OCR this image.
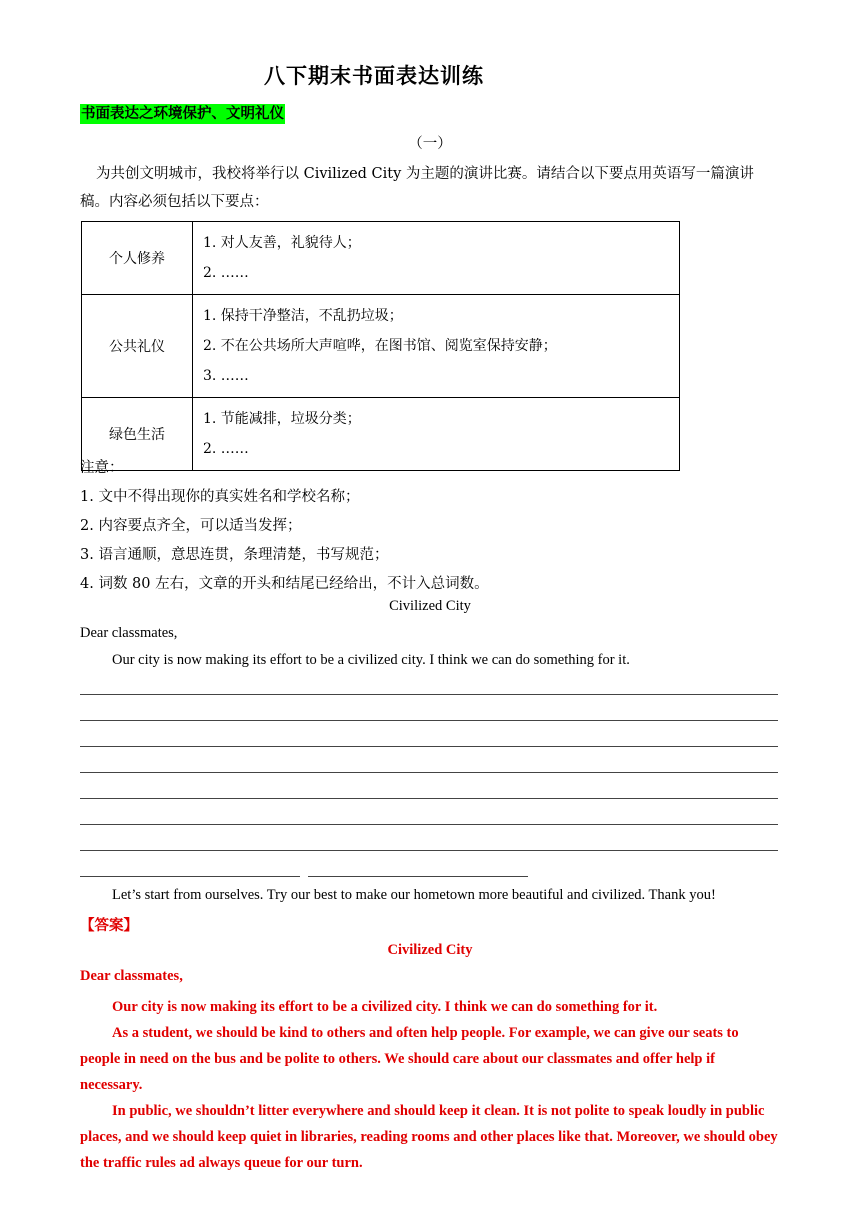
八下期末书面表达训练
书面表达之环境保护、文明礼仪
（一）
为共创文明城市，我校将举行以 Civilized City 为主题的演讲比赛。请结合以下要点用英语写一篇演讲稿。内容必须包括以下要点：
个人修养	1. 对人友善，礼貌待人；
2. ……

公共礼仪	1. 保持干净整洁，不乱扔垃圾；
2. 不在公共场所大声喧哗，在图书馆、阅览室保持安静；
3. ……

绿色生活	1. 节能减排，垃圾分类；
2. ……
注意：
1. 文中不得出现你的真实姓名和学校名称；
2. 内容要点齐全，可以适当发挥；
3. 语言通顺，意思连贯，条理清楚，书写规范；
4. 词数 80 左右，文章的开头和结尾已经给出，不计入总词数。
Civilized City
Dear classmates,
Our city is now making its effort to be a civilized city. I think we can do something for it.
Let’s start from ourselves. Try our best to make our hometown more beautiful and civilized. Thank you!
【答案】
Civilized City
Dear classmates,

Our city is now making its effort to be a civilized city. I think we can do something for it.

As a student, we should be kind to others and often help people. For example, we can give our seats to people in need on the bus and be polite to others. We should care about our classmates and offer help if necessary.

In public, we shouldn’t litter everywhere and should keep it clean. It is not polite to speak loudly in public places, and we should keep quiet in libraries, reading rooms and other places like that. Moreover, we should obey the traffic rules ad always queue for our turn.
